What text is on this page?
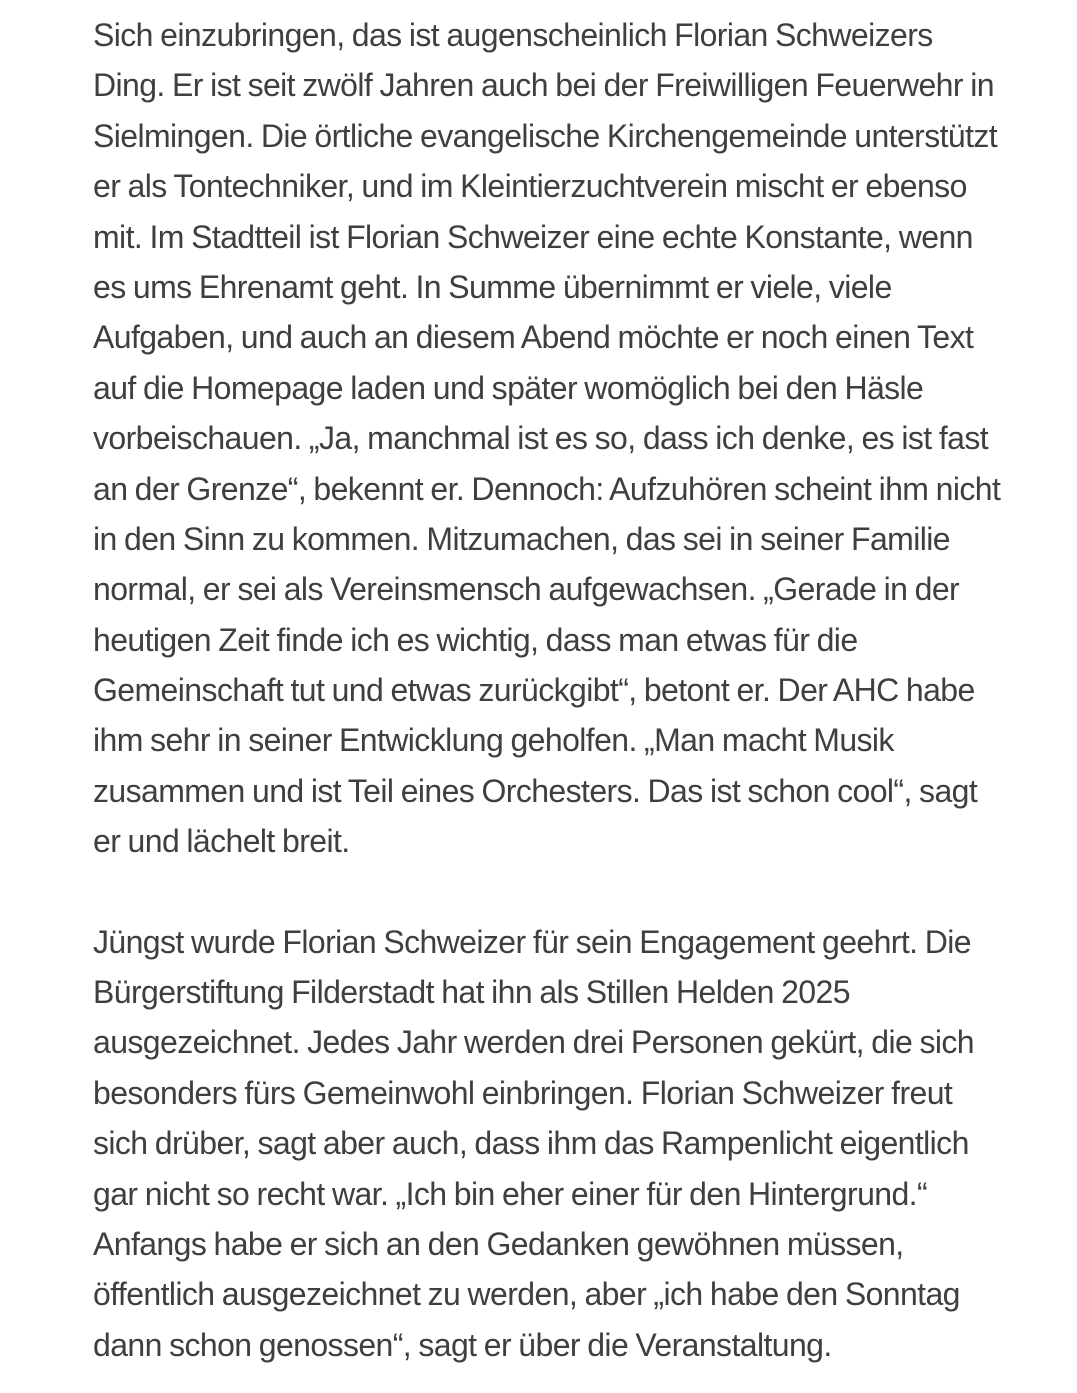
Sich einzubringen, das ist augenscheinlich Florian Schweizers
Ding. Er ist seit zwölf Jahren auch bei der Freiwilligen Feuerwehr in
Sielmingen. Die örtliche evangelische Kirchengemeinde unterstützt
er als Tontechniker, und im Kleintierzuchtverein mischt er ebenso
mit. Im Stadtteil ist Florian Schweizer eine echte Konstante, wenn
es ums Ehrenamt geht. In Summe übernimmt er viele, viele
Aufgaben, und auch an diesem Abend möchte er noch einen Text
auf die Homepage laden und später womöglich bei den Häsle
vorbeischauen. „Ja, manchmal ist es so, dass ich denke, es ist fast
an der Grenze“, bekennt er. Dennoch: Aufzuhören scheint ihm nicht
in den Sinn zu kommen. Mitzumachen, das sei in seiner Familie
normal, er sei als Vereinsmensch aufgewachsen. „Gerade in der
heutigen Zeit finde ich es wichtig, dass man etwas für die
Gemeinschaft tut und etwas zurückgibt“, betont er. Der AHC habe
ihm sehr in seiner Entwicklung geholfen. „Man macht Musik
zusammen und ist Teil eines Orchesters. Das ist schon cool“, sagt
er und lächelt breit.

Jüngst wurde Florian Schweizer für sein Engagement geehrt. Die
Bürgerstiftung Filderstadt hat ihn als Stillen Helden 2025
ausgezeichnet. Jedes Jahr werden drei Personen gekürt, die sich
besonders fürs Gemeinwohl einbringen. Florian Schweizer freut
sich drüber, sagt aber auch, dass ihm das Rampenlicht eigentlich
gar nicht so recht war. „Ich bin eher einer für den Hintergrund.“
Anfangs habe er sich an den Gedanken gewöhnen müssen,
öffentlich ausgezeichnet zu werden, aber „ich habe den Sonntag
dann schon genossen“, sagt er über die Veranstaltung.
